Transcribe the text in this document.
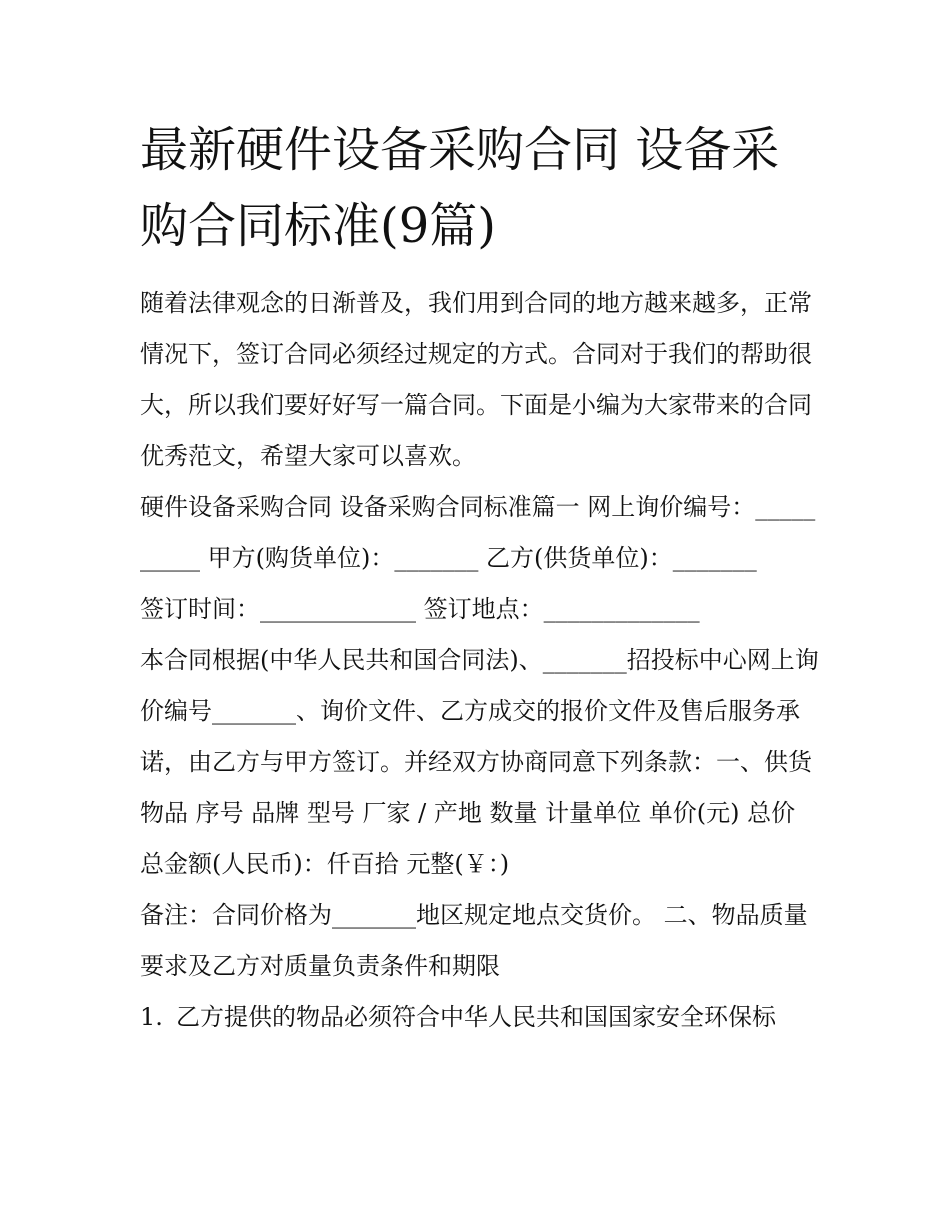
最新硬件设备采购合同 设备采购合同标准(9篇)

随着法律观念的日渐普及，我们用到合同的地方越来越多，正常情况下，签订合同必须经过规定的方式。合同对于我们的帮助很大，所以我们要好好写一篇合同。下面是小编为大家带来的合同优秀范文，希望大家可以喜欢。

硬件设备采购合同 设备采购合同标准篇一 网上询价编号：__________ 甲方(购货单位)：_______ 乙方(供货单位)：_______

签订时间：_____________ 签订地点：_____________

本合同根据(中华人民共和国合同法)、_______招投标中心网上询价编号_______、询价文件、乙方成交的报价文件及售后服务承诺，由乙方与甲方签订。并经双方协商同意下列条款：一、供货物品 序号 品牌 型号 厂家 / 产地 数量 计量单位 单价(元) 总价 总金额(人民币)：仟百拾 元整(￥：)

备注：合同价格为_______地区规定地点交货价。 二、物品质量要求及乙方对质量负责条件和期限

1. 乙方提供的物品必须符合中华人民共和国国家安全环保标
